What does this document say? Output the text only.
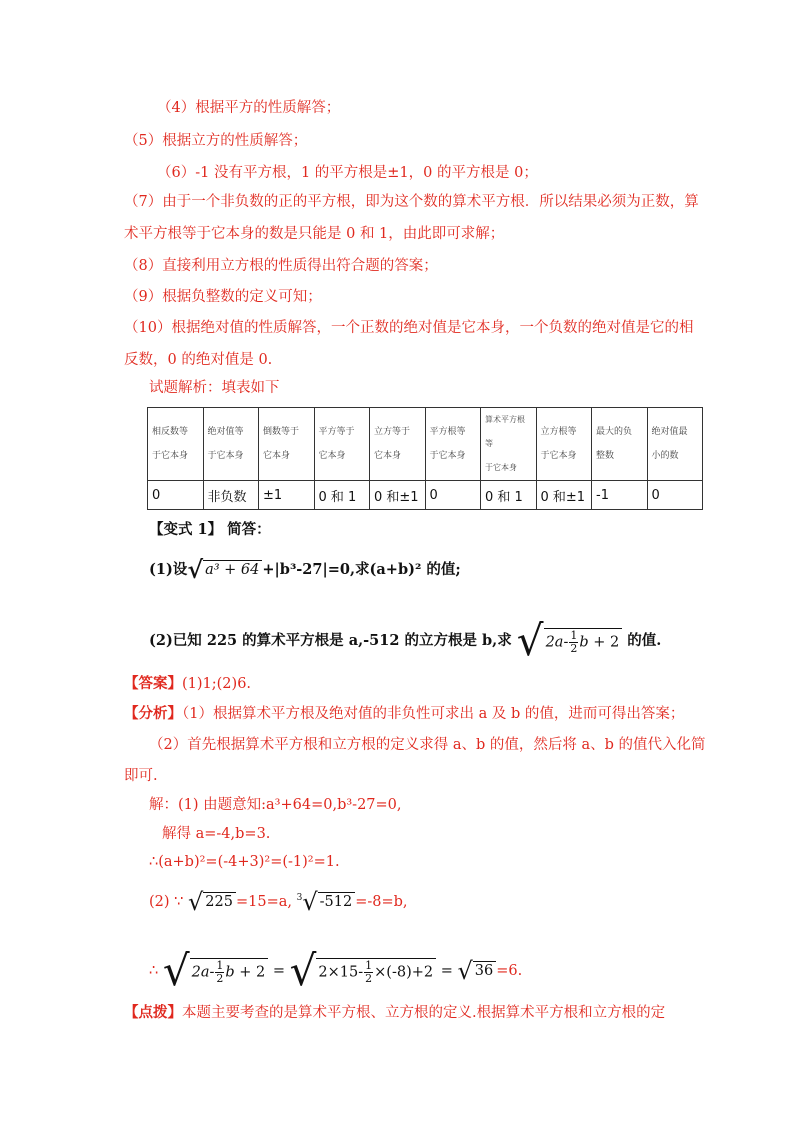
（4）根据平方的性质解答；
（5）根据立方的性质解答；
（6）-1 没有平方根，1 的平方根是±1，0 的平方根是 0；
（7）由于一个非负数的正的平方根，即为这个数的算术平方根．所以结果必须为正数，算
术平方根等于它本身的数是只能是 0 和 1，由此即可求解；
（8）直接利用立方根的性质得出符合题的答案；
（9）根据负整数的定义可知；
（10）根据绝对值的性质解答，一个正数的绝对值是它本身，一个负数的绝对值是它的相
反数，0 的绝对值是 0.
试题解析：填表如下
相反数等
于它本身	绝对值等
于它本身	倒数等于
它本身	平方等于
它本身	立方等于
它本身	平方根等
于它本身	算术平方根等
于它本身	立方根等
于它本身	最大的负
整数	绝对值最
小的数
0	非负数	±1	0 和 1	0 和±1	0	0 和 1	0 和±1	-1	0
【变式 1】 简答：
(1)设√ a³ + 64 +|b³-27|=0,求(a+b)² 的值;
(2)已知 225 的算术平方根是 a,-512 的立方根是 b,求 √ $2a- \frac{1}{2}$ b + 2 的值.
【答案】(1)1;(2)6.
【分析】（1）根据算术平方根及绝对值的非负性可求出 a 及 b 的值，进而可得出答案；
（2）首先根据算术平方根和立方根的定义求得 a、b 的值，然后将 a、b 的值代入化简
即可.
解：(1) 由题意知:a³+64=0,b³-27=0,
解得 a=-4,b=3.
∴(a+b)²=(-4+3)²=(-1)²=1.
(2) ∵ √ 225 =15=a, $^3$√ -512 =-8=b,
∴ √ $2a- \frac{1}{2}$ b + 2 = √ $2\times 15- \frac{1}{2} \times(-8)+2$ = √ 36 =6.
【点拨】本题主要考查的是算术平方根、立方根的定义.根据算术平方根和立方根的定
